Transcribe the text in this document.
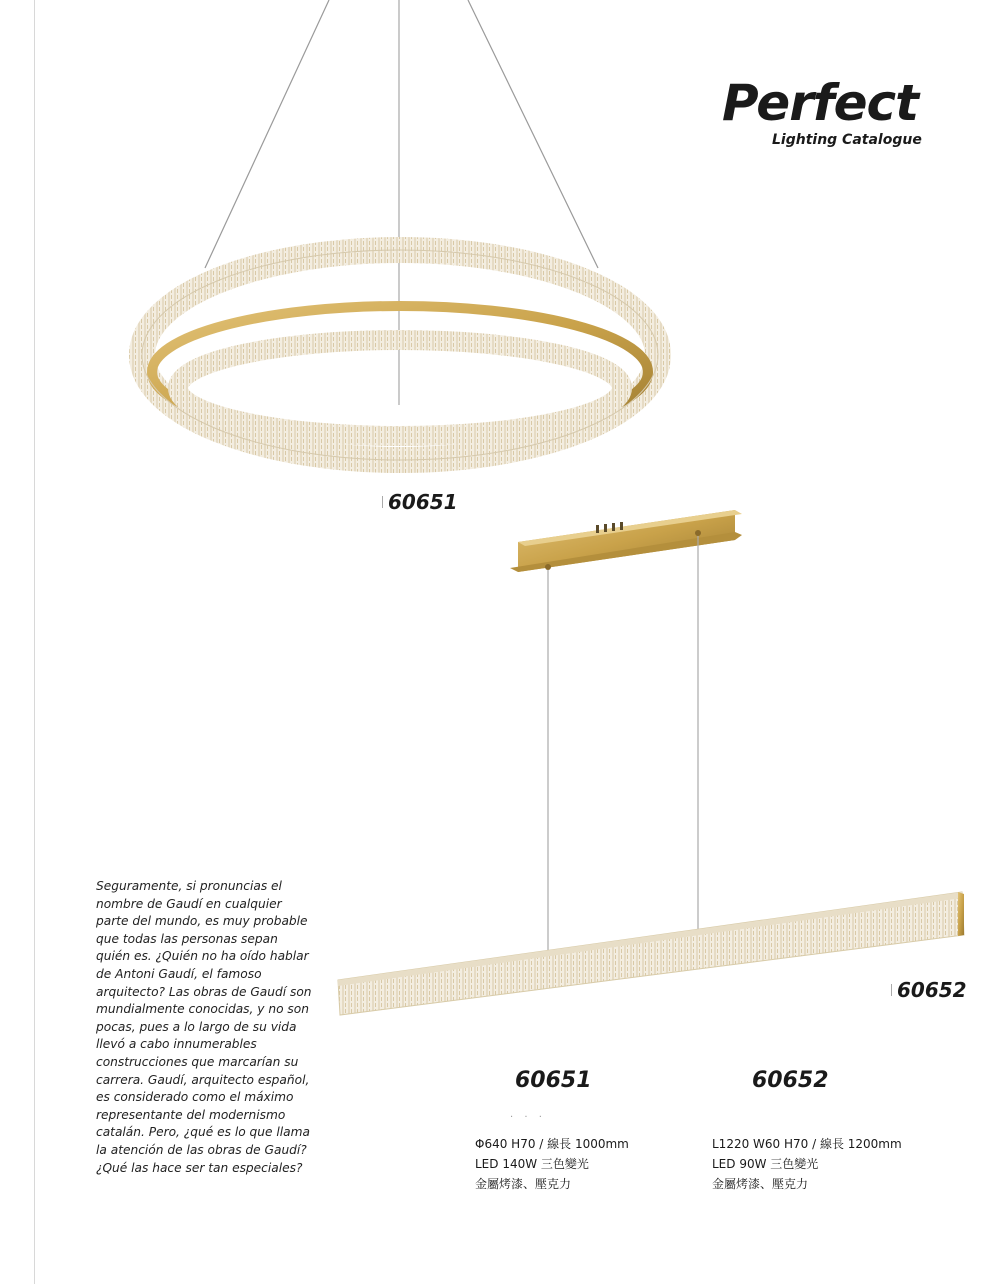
Perfect
Lighting Catalogue
60651
60652

Seguramente, si pronuncias el nombre de Gaudí en cualquier parte del mundo, es muy probable que todas las personas sepan quién es. ¿Quién no ha oído hablar de Antoni Gaudí, el famoso arquitecto? Las obras de Gaudí son mundialmente conocidas, y no son pocas, pues a lo largo de su vida llevó a cabo innumerables construcciones que marcarían su carrera. Gaudí, arquitecto español, es considerado como el máximo representante del modernismo catalán. Pero, ¿qué es lo que llama la atención de las obras de Gaudí?

¿Qué las hace ser tan especiales?

60651	60652
· · ·
Φ640 H70 / 線長 1000mm
LED 140W 三色變光
金屬烤漆、壓克力
L1220 W60 H70 / 線長 1200mm
LED 90W 三色變光
金屬烤漆、壓克力
